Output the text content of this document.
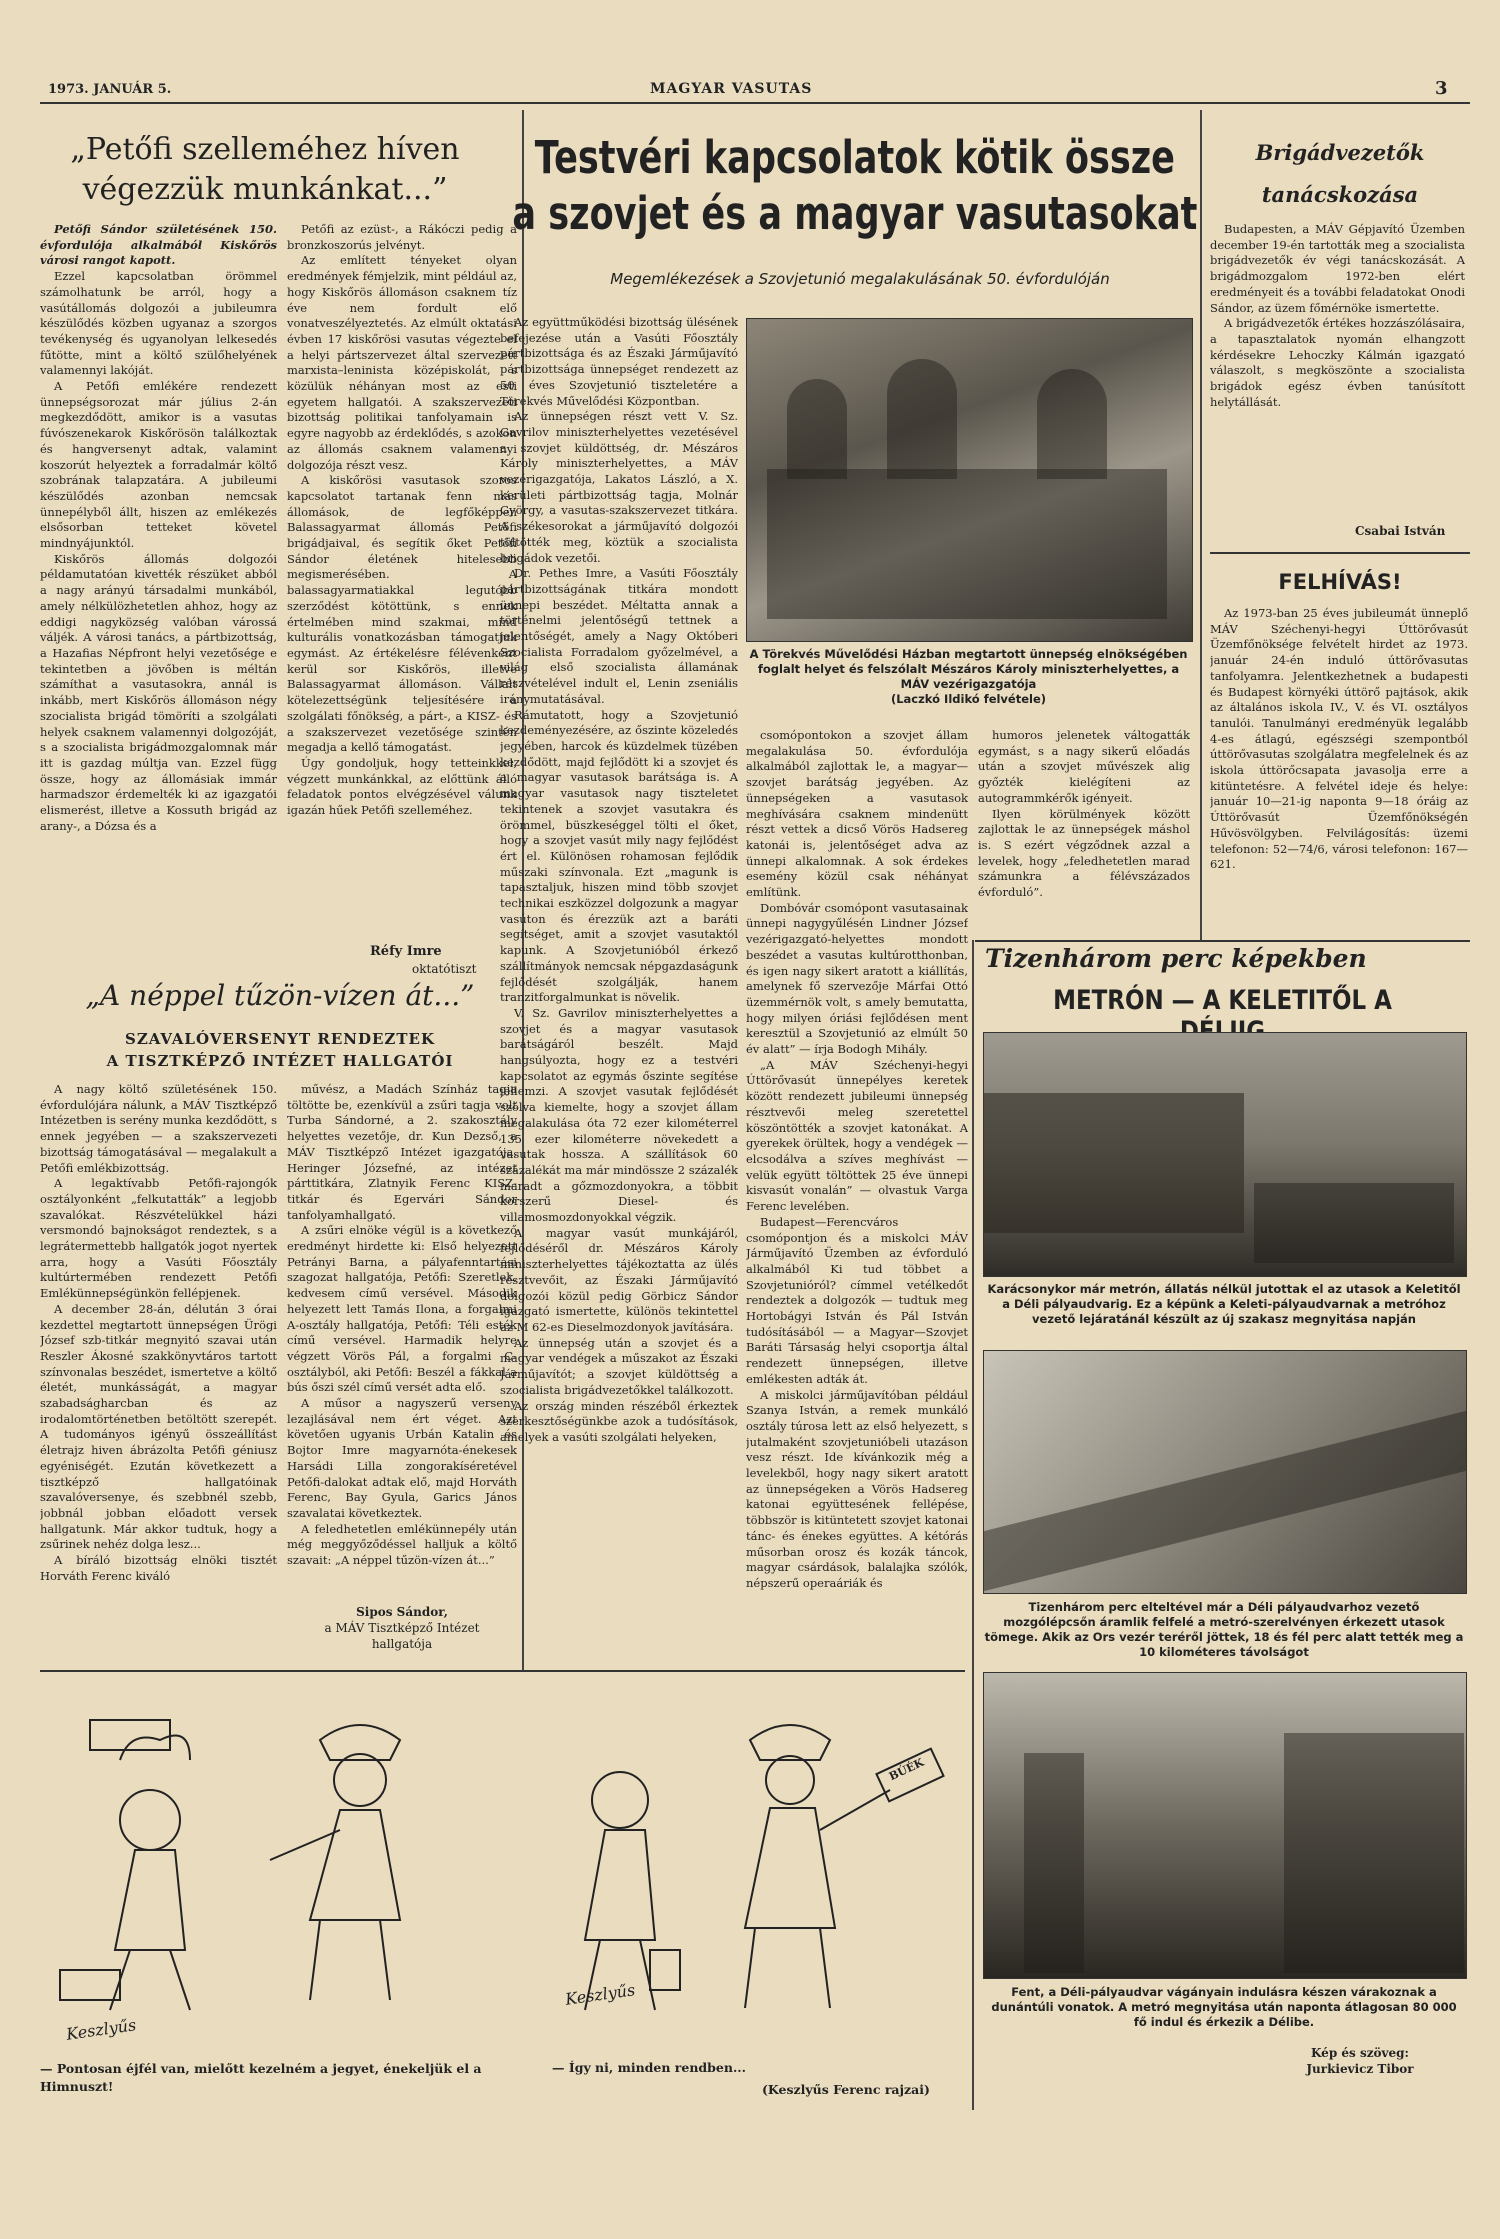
1973. JANUÁR 5.	MAGYAR VASUTAS	3
„Petőfi szelleméhez híven
végezzük munkánkat...”

Petőfi Sándor születésének 150. évfordulója alkalmából Kiskőrös városi rangot kapott.

Ezzel kapcsolatban örömmel számolhatunk be arról, hogy a vasútállomás dolgozói a jubileumra készülődés közben ugyanaz a szorgos tevékenység és ugyanolyan lelkesedés fűtötte, mint a költő szülőhelyének valamennyi lakóját.

A Petőfi emlékére rendezett ünnepségsorozat már július 2-án megkezdődött, amikor is a vasutas fúvószenekarok Kiskőrösön találkoztak és hangversenyt adtak, valamint koszorút helyeztek a forradalmár költő szobrának talapzatára. A jubileumi készülődés azonban nemcsak ünnepélyből állt, hiszen az emlékezés elsősorban tetteket követel mindnyájunktól.

Kiskőrös állomás dolgozói példamutatóan kivették részüket abból a nagy arányú társadalmi munkából, amely nélkülözhetetlen ahhoz, hogy az eddigi nagyközség valóban várossá váljék. A városi tanács, a pártbizottság, a Hazafias Népfront helyi vezetősége e tekintetben a jövőben is méltán számíthat a vasutasokra, annál is inkább, mert Kiskőrös állomáson négy szocialista brigád tömöríti a szolgálati helyek csaknem valamennyi dolgozóját, s a szocialista brigádmozgalomnak már itt is gazdag múltja van. Ezzel függ össze, hogy az állomásiak immár harmadszor érdemelték ki az igazgatói elismerést, illetve a Kossuth brigád az arany-, a Dózsa és a

Petőfi az ezüst-, a Rákóczi pedig a bronzkoszorús jelvényt.

Az említett tényeket olyan eredmények fémjelzik, mint például az, hogy Kiskőrös állomáson csaknem tíz éve nem fordult elő vonatveszélyeztetés. Az elmúlt oktatási évben 17 kiskőrösi vasutas végezte el a helyi pártszervezet által szervezett marxista–leninista középiskolát, s közülük néhányan most az esti egyetem hallgatói. A szakszervezeti bizottság politikai tanfolyamain is egyre nagyobb az érdeklődés, s azokon az állomás csaknem valamennyi dolgozója részt vesz.

A kiskőrösi vasutasok szoros kapcsolatot tartanak fenn más állomások, de legfőképpen Balassagyarmat állomás Petőfi brigádjaival, és segítik őket Petőfi Sándor életének hitelesebb megismerésében. A balassagyarmatiakkal legutóbb szerződést kötöttünk, s ennek értelmében mind szakmai, mind kulturális vonatkozásban támogatjuk egymást. Az értékelésre félévenként kerül sor Kiskőrös, illetve Balassagyarmat állomáson. Vállalt kötelezettségünk teljesítésére a szolgálati főnökség, a párt-, a KISZ- és a szakszervezet vezetősége szintén megadja a kellő támogatást.

Úgy gondoljuk, hogy tetteinkkel, végzett munkánkkal, az előttünk álló feladatok pontos elvégzésével válunk igazán hűek Petőfi szelleméhez.

Réfy Imre
oktatótiszt
„A néppel tűzön-vízen át...”
SZAVALÓVERSENYT RENDEZTEK
A TISZTKÉPZŐ INTÉZET HALLGATÓI

A nagy költő születésének 150. évfordulójára nálunk, a MÁV Tisztképző Intézetben is serény munka kezdődött, s ennek jegyében — a szakszervezeti bizottság támogatásával — megalakult a Petőfi emlékbizottság.

A legaktívabb Petőfi-rajongók osztályonként „felkutatták” a legjobb szavalókat. Részvételükkel házi versmondó bajnokságot rendeztek, s a legrátermettebb hallgatók jogot nyertek arra, hogy a Vasúti Főosztály kultúrtermében rendezett Petőfi Emlékünnepségünkön fellépjenek.

A december 28-án, délután 3 órai kezdettel megtartott ünnepségen Ürögi József szb-titkár megnyitó szavai után Reszler Ákosné szakkönyvtáros tartott színvonalas beszédet, ismertetve a költő életét, munkásságát, a magyar szabadságharcban és az irodalomtörténetben betöltött szerepét. A tudományos igényű összeállítást életrajz hiven ábrázolta Petőfi géniusz egyéniségét. Ezután következett a tisztképző hallgatóinak szavalóversenye, és szebbnél szebb, jobbnál jobban előadott versek hallgatunk. Már akkor tudtuk, hogy a zsűrinek nehéz dolga lesz...

A bíráló bizottság elnöki tisztét Horváth Ferenc kiváló

művész, a Madách Színház tagja töltötte be, ezenkívül a zsűri tagja volt Turba Sándorné, a 2. szakosztály helyettes vezetője, dr. Kun Dezső, a MÁV Tisztképző Intézet igazgatója, Heringer Józsefné, az intézet párttitkára, Zlatnyik Ferenc KISZ-titkár és Egervári Sándor tanfolyamhallgató.

A zsűri elnöke végül is a következő eredményt hirdette ki: Első helyezett Petrányi Barna, a pályafenntartási szagozat hallgatója, Petőfi: Szeretlek, kedvesem című versével. Második helyezett lett Tamás Ilona, a forgalmi A-osztály hallgatója, Petőfi: Téli esték című versével. Harmadik helyre végzett Vörös Pál, a forgalmi C-osztályból, aki Petőfi: Beszél a fákkal a bús őszi szél című versét adta elő.

A műsor a nagyszerű verseny lezajlásával nem ért véget. Azt követően ugyanis Urbán Katalin és Bojtor Imre magyarnóta-énekesek Harsádi Lilla zongorakíséretével Petőfi-dalokat adtak elő, majd Horváth Ferenc, Bay Gyula, Garics János szavalatai következtek.

A feledhetetlen emlékünnepély után még meggyőződéssel halljuk a költő szavait: „A néppel tűzön-vízen át...”

Sipos Sándor,
a MÁV Tisztképző Intézet
hallgatója
Testvéri kapcsolatok kötik össze
a szovjet és a magyar vasutasokat
Megemlékezések a Szovjetunió megalakulásának 50. évfordulóján

Az együttműködési bizottság ülésének befejezése után a Vasúti Főosztály pártbizottsága és az Északi Járműjavító pártbizottsága ünnepséget rendezett az 50 éves Szovjetunió tiszteletére a Törekvés Művelődési Központban.

Az ünnepségen részt vett V. Sz. Gavrilov miniszterhelyettes vezetésével a szovjet küldöttség, dr. Mészáros Károly miniszterhelyettes, a MÁV vezérigazgatója, Lakatos László, a X. kerületi pártbizottság tagja, Molnár György, a vasutas-szakszervezet titkára. A székesorokat a járműjavító dolgozói töltötték meg, köztük a szocialista brigádok vezetői.

Dr. Pethes Imre, a Vasúti Főosztály pártbizottságának titkára mondott ünnepi beszédet. Méltatta annak a történelmi jelentőségű tettnek a jelentőségét, amely a Nagy Októberi Szocialista Forradalom győzelmével, a világ első szocialista államának részvételével indult el, Lenin zseniális iránymutatásával.

Rámutatott, hogy a Szovjetunió kezdeményezésére, az őszinte közeledés jegyében, harcok és küzdelmek tüzében kezdődött, majd fejlődött ki a szovjet és a magyar vasutasok barátsága is. A magyar vasutasok nagy tiszteletet tekintenek a szovjet vasutakra és örömmel, büszkeséggel tölti el őket, hogy a szovjet vasút mily nagy fejlődést ért el. Különösen rohamosan fejlődik műszaki színvonala. Ezt „magunk is tapasztaljuk, hiszen mind több szovjet technikai eszközzel dolgozunk a magyar vasúton és érezzük azt a baráti segítséget, amit a szovjet vasutaktól kapunk. A Szovjetunióból érkező szállítmányok nemcsak népgazdaságunk fejlődését szolgálják, hanem tranzitforgalmunkat is növelik.

V. Sz. Gavrilov miniszterhelyettes a szovjet és a magyar vasutasok barátságáról beszélt. Majd hangsúlyozta, hogy ez a testvéri kapcsolatot az egymás őszinte segítése jellemzi. A szovjet vasutak fejlődését szólva kiemelte, hogy a szovjet állam megalakulása óta 72 ezer kilométerrel 135 ezer kilométerre növekedett a vasutak hossza. A szállítások 60 százalékát ma már mindössze 2 százalék maradt a gőzmozdonyokra, a többit korszerű Diesel- és villamosmozdonyokkal végzik.

A magyar vasút munkájáról, fejlődéséről dr. Mészáros Károly miniszterhelyettes tájékoztatta az ülés résztvevőit, az Északi Járműjavító dolgozói közül pedig Görbicz Sándor igazgató ismertette, különös tekintettel az M 62-es Dieselmozdonyok javítására.

Az ünnepség után a szovjet és a magyar vendégek a műszakot az Északi Járműjavítót; a szovjet küldöttség a szocialista brigádvezetőkkel találkozott.

Az ország minden részéből érkeztek szerkesztőségünkbe azok a tudósítások, amelyek a vasúti szolgálati helyeken,

A Törekvés Művelődési Házban megtartott ünnepség elnökségében foglalt helyet és felszólalt Mészáros Károly miniszterhelyettes, a MÁV vezérigazgatója
(Laczkó Ildikó felvétele)

csomópontokon a szovjet állam megalakulása 50. évfordulója alkalmából zajlottak le, a magyar—szovjet barátság jegyében. Az ünnepségeken a vasutasok meghívására csaknem mindenütt részt vettek a dicső Vörös Hadsereg katonái is, jelentőséget adva az ünnepi alkalomnak. A sok érdekes esemény közül csak néhányat említünk.

Dombóvár csomópont vasutasainak ünnepi nagygyűlésén Lindner József vezérigazgató-helyettes mondott beszédet a vasutas kultúrotthonban, és igen nagy sikert aratott a kiállítás, amelynek fő szervezője Márfai Ottó üzemmérnök volt, s amely bemutatta, hogy milyen óriási fejlődésen ment keresztül a Szovjetunió az elmúlt 50 év alatt” — írja Bodogh Mihály.

„A MÁV Széchenyi-hegyi Úttörővasút ünnepélyes keretek között rendezett jubileumi ünnepség résztvevői meleg szeretettel köszöntötték a szovjet katonákat. A gyerekek örültek, hogy a vendégek — elcsodálva a szíves meghívást — velük együtt töltöttek 25 éve ünnepi kisvasút vonalán” — olvastuk Varga Ferenc levelében.

Budapest—Ferencváros csomópontjon és a miskolci MÁV Járműjavító Üzemben az évforduló alkalmából Ki tud többet a Szovjetunióról? címmel vetélkedőt rendeztek a dolgozók — tudtuk meg Hortobágyi István és Pál István tudósításából — a Magyar—Szovjet Baráti Társaság helyi csoportja által rendezett ünnepségen, illetve emlékesten adták át.

A miskolci járműjavítóban például Szanya István, a remek munkáló osztály túrosa lett az első helyezett, s jutalmaként szovjetunióbeli utazáson vesz részt. Ide kívánkozik még a levelekből, hogy nagy sikert aratott az ünnepségeken a Vörös Hadsereg katonai együttesének fellépése, többször is kitüntetett szovjet katonai tánc- és énekes együttes. A kétórás műsorban orosz és kozák táncok, magyar csárdások, balalajka szólók, népszerű operaáriák és

humoros jelenetek váltogatták egymást, s a nagy sikerű előadás után a szovjet művészek alig győzték kielégíteni az autogrammkérők igényeit.

Ilyen körülmények között zajlottak le az ünnepségek máshol is. S ezért végződnek azzal a levelek, hogy „feledhetetlen marad számunkra a félévszázados évforduló”.

Brigádvezetők
tanácskozása

Budapesten, a MÁV Gépjavító Üzemben december 19-én tartották meg a szocialista brigádvezetők év végi tanácskozását. A brigádmozgalom 1972-ben elért eredményeit és a további feladatokat Onodi Sándor, az üzem főmérnöke ismertette.

A brigádvezetők értékes hozzászólásaira, a tapasztalatok nyomán elhangzott kérdésekre Lehoczky Kálmán igazgató válaszolt, s megköszönte a szocialista brigádok egész évben tanúsított helytállását.

Csabai István
FELHÍVÁS!

Az 1973-ban 25 éves jubileumát ünneplő MÁV Széchenyi-hegyi Úttörővasút Üzemfőnöksége felvételt hirdet az 1973. január 24-én induló úttörővasutas tanfolyamra. Jelentkezhetnek a budapesti és Budapest környéki úttörő pajtások, akik az általános iskola IV., V. és VI. osztályos tanulói. Tanulmányi eredményük legalább 4-es átlagú, egészségi szempontból úttörővasutas szolgálatra megfelelnek és az iskola úttörőcsapata javasolja erre a kitüntetésre. A felvétel ideje és helye: január 10—21-ig naponta 9—18 óráig az Úttörővasút Üzemfőnökségén Hűvösvölgyben. Felvilágosítás: üzemi telefonon: 52—74/6, városi telefonon: 167—621.

Tizenhárom perc képekben
METRÓN — A KELETITŐL A
Karácsonykor már metrón, állatás nélkül jutottak el az utasok a Keletitől a Déli pályaudvarig. Ez a képünk a Keleti-pályaudvarnak a metróhoz vezető lejáratánál készült az új szakasz megnyitása napján
Tizenhárom perc elteltével már a Déli pályaudvarhoz vezető mozgólépcsőn áramlik felfelé a metró-szerelvényen érkezett utasok tömege. Akik az Ors vezér teréről jöttek, 18 és fél perc alatt tették meg a 10 kilométeres távolságot
Fent, a Déli-pályaudvar vágányain indulásra készen várakoznak a dunántúli vonatok. A metró megnyitása után naponta átlagosan 80 000 fő indul és érkezik a Délibe.
Kép és szöveg:
Jurkievicz Tibor
Keszlyűs
BÚÉK
Keszlyűs
— Pontosan éjfél van, mielőtt kezelném a jegyet, énekeljük el a Himnuszt!
— Így ni, minden rendben...
(Keszlyűs Ferenc rajzai)
